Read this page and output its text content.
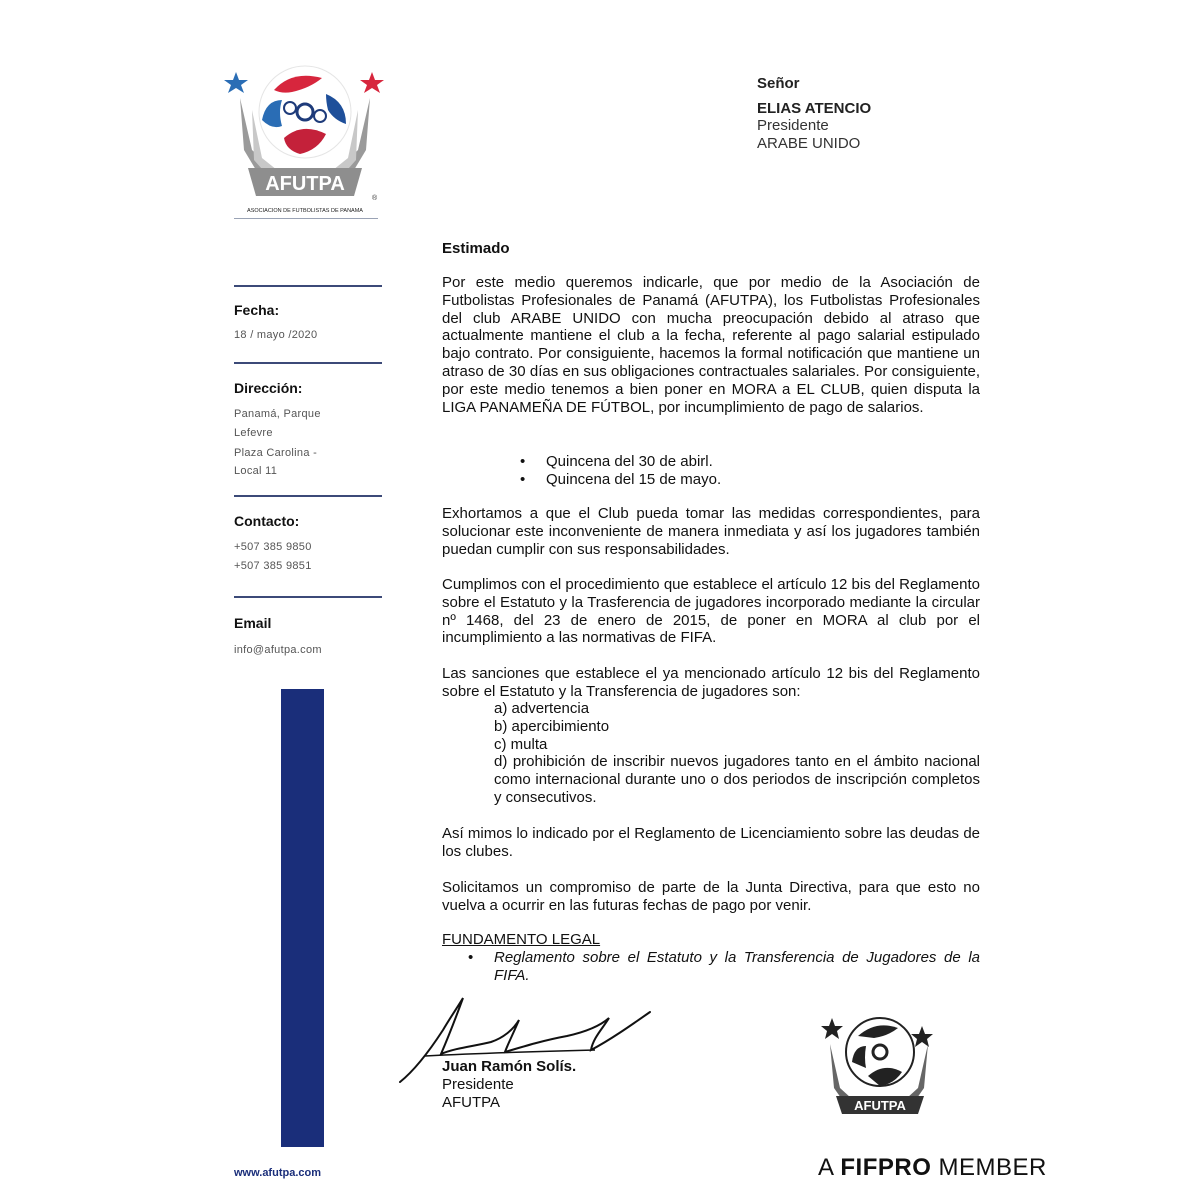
AFUTPA
®
ASOCIACION DE FUTBOLISTAS DE PANAMA
Fecha:
18 / mayo /2020
Dirección:
Panamá, Parque
Lefevre
Plaza Carolina -
Local 11
Contacto:
+507 385 9850
+507 385 9851
Email
info@afutpa.com
www.afutpa.com
Señor
ELIAS ATENCIO
Presidente
ARABE UNIDO
Estimado
Por este medio queremos indicarle, que por medio de la Asociación de Futbolistas Profesionales de Panamá (AFUTPA), los Futbolistas Profesionales del club ARABE UNIDO con mucha preocupación debido al atraso que actualmente mantiene el club a la fecha, referente al pago salarial estipulado bajo contrato. Por consiguiente, hacemos la formal notificación que mantiene un atraso de 30 días en sus obligaciones contractuales salariales. Por consiguiente, por este medio tenemos a bien poner en MORA a EL CLUB, quien disputa la LIGA PANAMEÑA DE FÚTBOL, por incumplimiento de pago de salarios.
• Quincena del 30 de abirl.
• Quincena del 15 de mayo.
Exhortamos a que el Club pueda tomar las medidas correspondientes, para solucionar este inconveniente de manera inmediata y así los jugadores también puedan cumplir con sus responsabilidades.
Cumplimos con el procedimiento que establece el artículo 12 bis del Reglamento sobre el Estatuto y la Trasferencia de jugadores incorporado mediante la circular nº 1468, del 23 de enero de 2015, de poner en MORA al club por el incumplimiento a las normativas de FIFA.
Las sanciones que establece el ya mencionado artículo 12 bis del Reglamento sobre el Estatuto y la Transferencia de jugadores son:
a) advertencia
b) apercibimiento
c) multa
d) prohibición de inscribir nuevos jugadores tanto en el ámbito nacional como internacional durante uno o dos periodos de inscripción completos y consecutivos.
Así mimos lo indicado por el Reglamento de Licenciamiento sobre las deudas de los clubes.
Solicitamos un compromiso de parte de la Junta Directiva, para que esto no vuelva a ocurrir en las futuras fechas de pago por venir.
FUNDAMENTO LEGAL
•	Reglamento sobre el Estatuto y la Transferencia de Jugadores de la FIFA.
Juan Ramón Solís.
Presidente
AFUTPA	AFUTPA
A FIFPRO MEMBER
